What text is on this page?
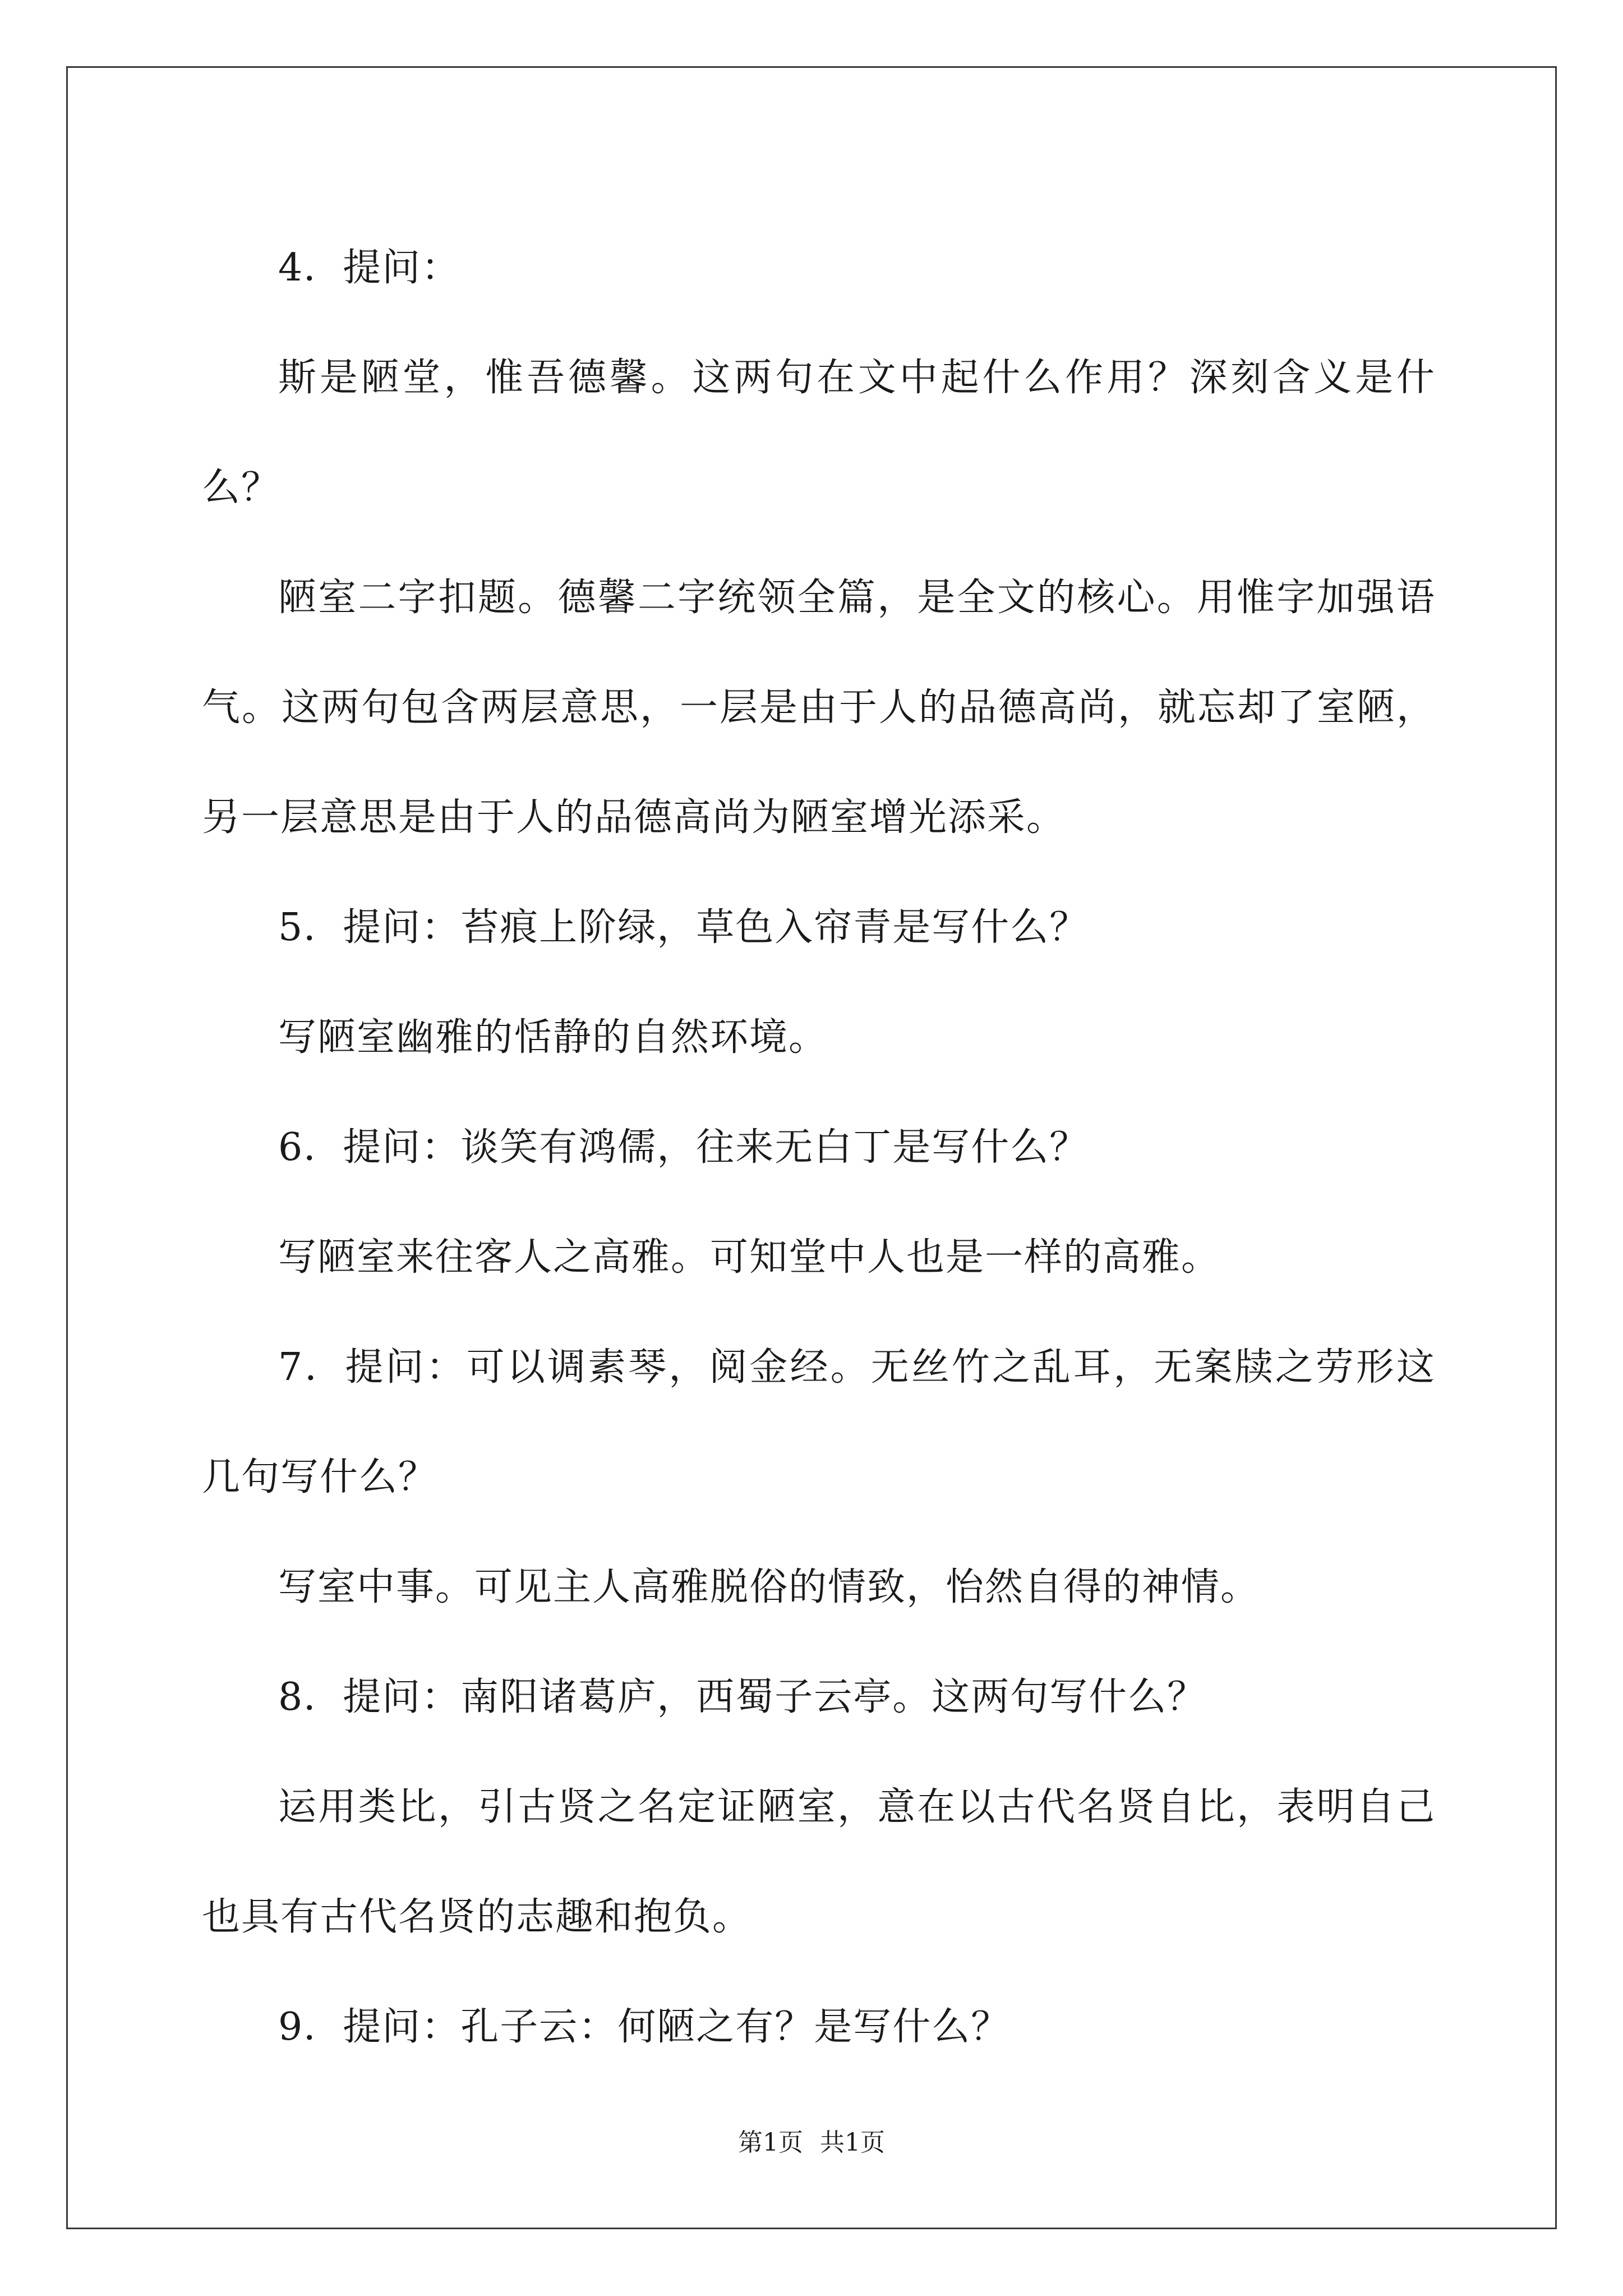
4．提问：

斯是陋堂，惟吾德馨。这两句在文中起什么作用？深刻含义是什么？

陋室二字扣题。德馨二字统领全篇，是全文的核心。用惟字加强语气。这两句包含两层意思，一层是由于人的品德高尚，就忘却了室陋，另一层意思是由于人的品德高尚为陋室增光添采。

5．提问：苔痕上阶绿，草色入帘青是写什么？

写陋室幽雅的恬静的自然环境。

6．提问：谈笑有鸿儒，往来无白丁是写什么？

写陋室来往客人之高雅。可知堂中人也是一样的高雅。

7．提问：可以调素琴，阅金经。无丝竹之乱耳，无案牍之劳形这几句写什么？

写室中事。可见主人高雅脱俗的情致，怡然自得的神情。

8．提问：南阳诸葛庐，西蜀子云亭。这两句写什么？

运用类比，引古贤之名定证陋室，意在以古代名贤自比，表明自己也具有古代名贤的志趣和抱负。

9．提问：孔子云：何陋之有？是写什么？

第1页 共1页
